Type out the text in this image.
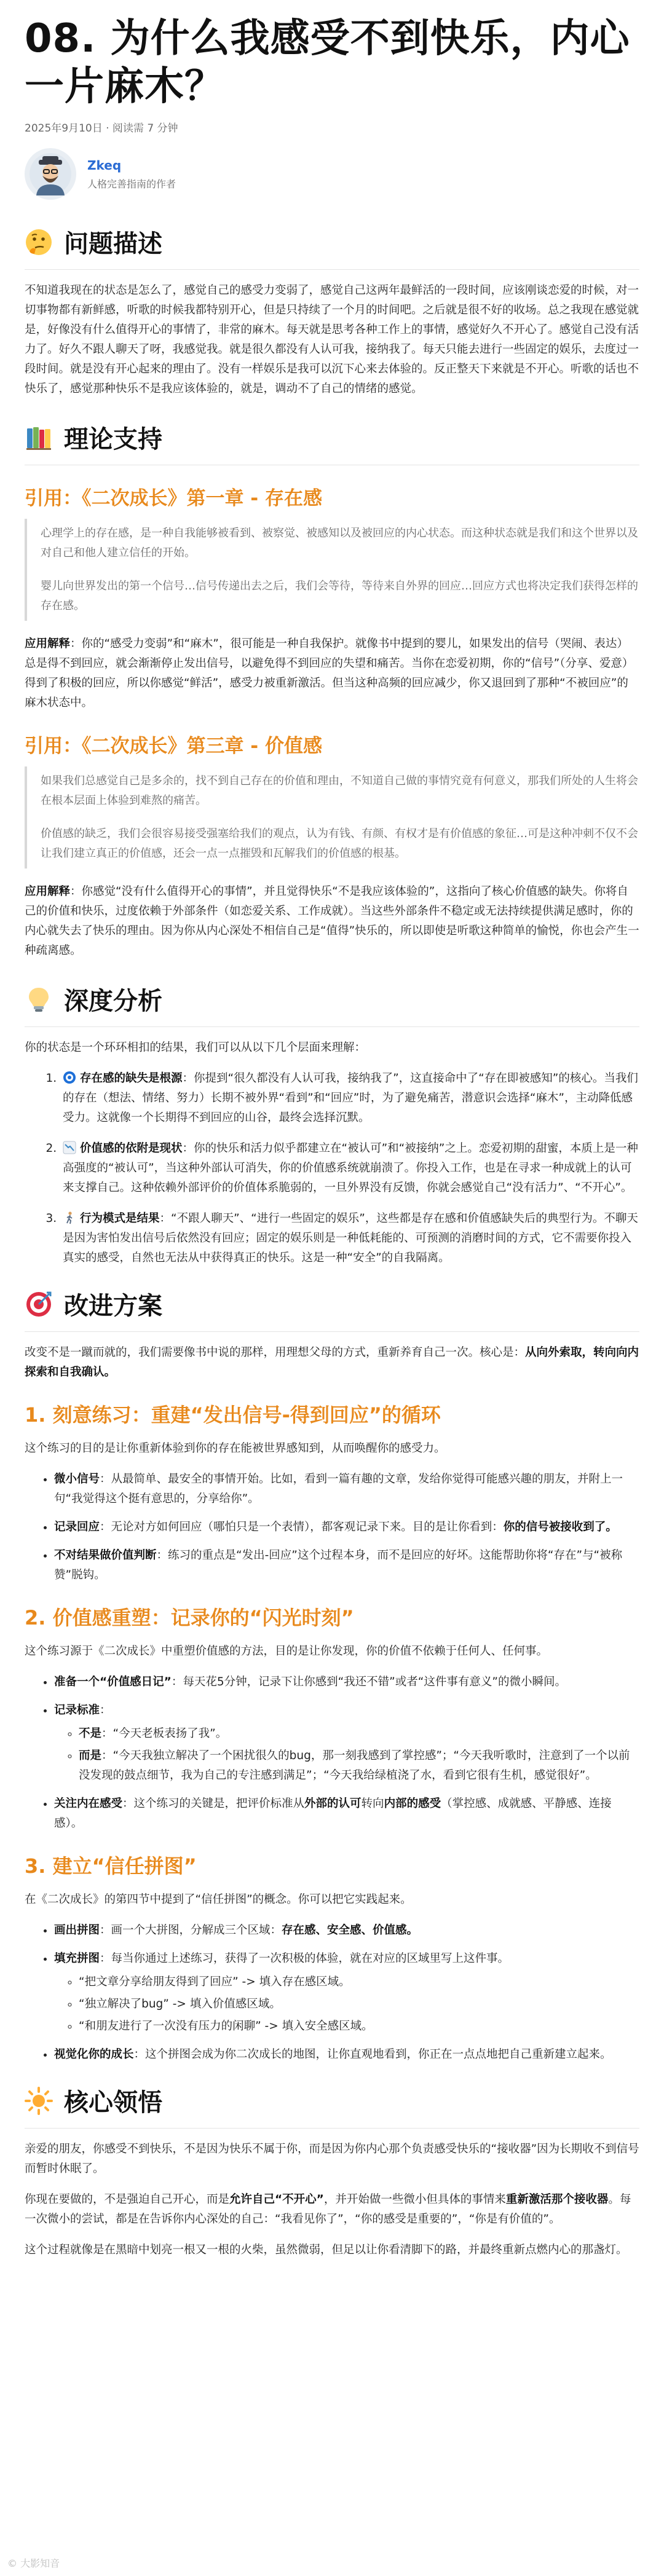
08. 为什么我感受不到快乐，内心一片麻木？
2025年9月10日 · 阅读需 7 分钟
Zkeq
人格完善指南的作者
问题描述

不知道我现在的状态是怎么了，感觉自己的感受力变弱了，感觉自己这两年最鲜活的一段时间，应该刚谈恋爱的时候，对一切事物都有新鲜感，听歌的时候我都特别开心，但是只持续了一个月的时间吧。之后就是很不好的收场。总之我现在感觉就是，好像没有什么值得开心的事情了，非常的麻木。每天就是思考各种工作上的事情，感觉好久不开心了。感觉自己没有活力了。好久不跟人聊天了呀，我感觉我。就是很久都没有人认可我，接纳我了。每天只能去进行一些固定的娱乐，去度过一段时间。就是没有开心起来的理由了。没有一样娱乐是我可以沉下心来去体验的。反正整天下来就是不开心。听歌的话也不快乐了，感觉那种快乐不是我应该体验的，就是，调动不了自己的情绪的感觉。

理论支持
引用：《二次成长》第一章 - 存在感

心理学上的存在感，是一种自我能够被看到、被察觉、被感知以及被回应的内心状态。而这种状态就是我们和这个世界以及对自己和他人建立信任的开始。

婴儿向世界发出的第一个信号…信号传递出去之后，我们会等待，等待来自外界的回应…回应方式也将决定我们获得怎样的存在感。

应用解释：你的“感受力变弱”和“麻木”，很可能是一种自我保护。就像书中提到的婴儿，如果发出的信号（哭闹、表达）总是得不到回应，就会渐渐停止发出信号，以避免得不到回应的失望和痛苦。当你在恋爱初期，你的“信号”（分享、爱意）得到了积极的回应，所以你感觉“鲜活”，感受力被重新激活。但当这种高频的回应减少，你又退回到了那种“不被回应”的麻木状态中。

引用：《二次成长》第三章 - 价值感

如果我们总感觉自己是多余的，找不到自己存在的价值和理由，不知道自己做的事情究竟有何意义，那我们所处的人生将会在根本层面上体验到难熬的痛苦。

价值感的缺乏，我们会很容易接受强塞给我们的观点，认为有钱、有颜、有权才是有价值感的象征…可是这种冲刺不仅不会让我们建立真正的价值感，还会一点一点摧毁和瓦解我们的价值感的根基。

应用解释：你感觉“没有什么值得开心的事情”，并且觉得快乐“不是我应该体验的”，这指向了核心价值感的缺失。你将自己的价值和快乐，过度依赖于外部条件（如恋爱关系、工作成就）。当这些外部条件不稳定或无法持续提供满足感时，你的内心就失去了快乐的理由。因为你从内心深处不相信自己是“值得”快乐的，所以即使是听歌这种简单的愉悦，你也会产生一种疏离感。

深度分析

你的状态是一个环环相扣的结果，我们可以从以下几个层面来理解：

1. 存在感的缺失是根源：你提到“很久都没有人认可我，接纳我了”，这直接命中了“存在即被感知”的核心。当我们的存在（想法、情绪、努力）长期不被外界“看到”和“回应”时，为了避免痛苦，潜意识会选择“麻木”，主动降低感受力。这就像一个长期得不到回应的山谷，最终会选择沉默。
2. 价值感的依附是现状：你的快乐和活力似乎都建立在“被认可”和“被接纳”之上。恋爱初期的甜蜜，本质上是一种高强度的“被认可”，当这种外部认可消失，你的价值感系统就崩溃了。你投入工作，也是在寻求一种成就上的认可来支撑自己。这种依赖外部评价的价值体系脆弱的，一旦外界没有反馈，你就会感觉自己“没有活力”、“不开心”。
3. 行为模式是结果：“不跟人聊天”、“进行一些固定的娱乐”，这些都是存在感和价值感缺失后的典型行为。不聊天是因为害怕发出信号后依然没有回应；固定的娱乐则是一种低耗能的、可预测的消磨时间的方式，它不需要你投入真实的感受，自然也无法从中获得真正的快乐。这是一种“安全”的自我隔离。
改进方案

改变不是一蹴而就的，我们需要像书中说的那样，用理想父母的方式，重新养育自己一次。核心是：从向外索取，转向向内探索和自我确认。

1. 刻意练习：重建“发出信号-得到回应”的循环

这个练习的目的是让你重新体验到你的存在能被世界感知到，从而唤醒你的感受力。

• 微小信号：从最简单、最安全的事情开始。比如，看到一篇有趣的文章，发给你觉得可能感兴趣的朋友，并附上一句“我觉得这个挺有意思的，分享给你”。
• 记录回应：无论对方如何回应（哪怕只是一个表情），都客观记录下来。目的是让你看到：你的信号被接收到了。
• 不对结果做价值判断：练习的重点是“发出-回应”这个过程本身，而不是回应的好坏。这能帮助你将“存在”与“被称赞”脱钩。
2. 价值感重塑：记录你的“闪光时刻”

这个练习源于《二次成长》中重塑价值感的方法，目的是让你发现，你的价值不依赖于任何人、任何事。

• 准备一个“价值感日记”：每天花5分钟，记录下让你感到“我还不错”或者“这件事有意义”的微小瞬间。
• 记录标准：
◦ 不是：“今天老板表扬了我”。
◦ 而是：“今天我独立解决了一个困扰很久的bug，那一刻我感到了掌控感”；“今天我听歌时，注意到了一个以前没发现的鼓点细节，我为自己的专注感到满足”；“今天我给绿植浇了水，看到它很有生机，感觉很好”。
• 关注内在感受：这个练习的关键是，把评价标准从外部的认可转向内部的感受（掌控感、成就感、平静感、连接感）。
3. 建立“信任拼图”

在《二次成长》的第四节中提到了“信任拼图”的概念。你可以把它实践起来。

• 画出拼图：画一个大拼图，分解成三个区域：存在感、安全感、价值感。
• 填充拼图：每当你通过上述练习，获得了一次积极的体验，就在对应的区域里写上这件事。
◦ “把文章分享给朋友得到了回应” -> 填入存在感区域。
◦ “独立解决了bug” -> 填入价值感区域。
◦ “和朋友进行了一次没有压力的闲聊” -> 填入安全感区域。
• 视觉化你的成长：这个拼图会成为你二次成长的地图，让你直观地看到，你正在一点点地把自己重新建立起来。
核心领悟

亲爱的朋友，你感受不到快乐，不是因为快乐不属于你，而是因为你内心那个负责感受快乐的“接收器”因为长期收不到信号而暂时休眠了。

你现在要做的，不是强迫自己开心，而是允许自己“不开心”，并开始做一些微小但具体的事情来重新激活那个接收器。每一次微小的尝试，都是在告诉你内心深处的自己：“我看见你了”，“你的感受是重要的”，“你是有价值的”。

这个过程就像是在黑暗中划亮一根又一根的火柴，虽然微弱，但足以让你看清脚下的路，并最终重新点燃内心的那盏灯。

© 大影知音
